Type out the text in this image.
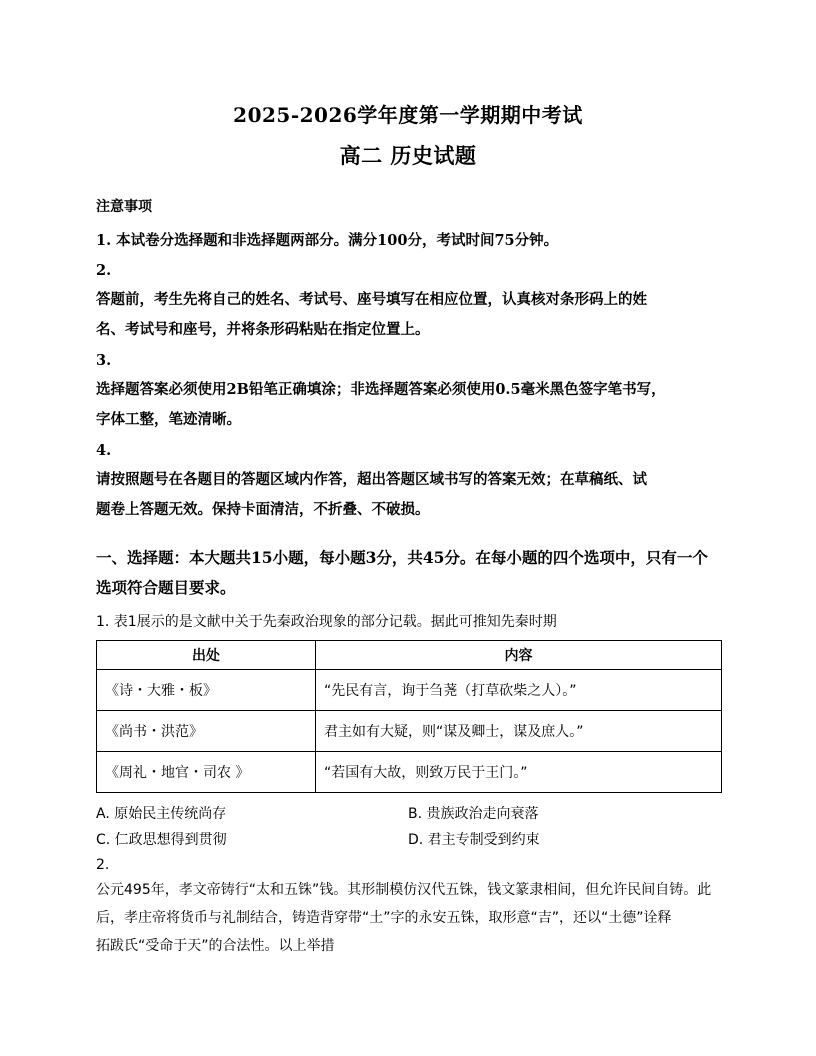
2025-2026学年度第一学期期中考试
高二 历史试题
注意事项
1. 本试卷分选择题和非选择题两部分。满分100分，考试时间75分钟。
2.
答题前，考生先将自己的姓名、考试号、座号填写在相应位置，认真核对条形码上的姓
名、考试号和座号，并将条形码粘贴在指定位置上。
3.
选择题答案必须使用2B铅笔正确填涂；非选择题答案必须使用0.5毫米黑色签字笔书写，
字体工整，笔迹清晰。
4.
请按照题号在各题目的答题区域内作答，超出答题区域书写的答案无效；在草稿纸、试
题卷上答题无效。保持卡面清洁，不折叠、不破损。
一、选择题：本大题共15小题，每小题3分，共45分。在每小题的四个选项中，只有一个
选项符合题目要求。
1. 表1展示的是文献中关于先秦政治现象的部分记载。据此可推知先秦时期
出处	内容
《诗・大雅・板》	“先民有言，询于刍荛（打草砍柴之人）。”
《尚书・洪范》	君主如有大疑，则“谋及卿士，谋及庶人。”
《周礼・地官・司农 》	“若国有大故，则致万民于王门。”
A. 原始民主传统尚存	B. 贵族政治走向衰落
C. 仁政思想得到贯彻	D. 君主专制受到约束
2.
公元495年，孝文帝铸行“太和五铢”钱。其形制模仿汉代五铢，钱文篆隶相间，但允许民间自铸。此
后，孝庄帝将货币与礼制结合，铸造背穿带“土”字的永安五铢，取形意“吉”，还以“土德”诠释
拓跋氏“受命于天”的合法性。以上举措
